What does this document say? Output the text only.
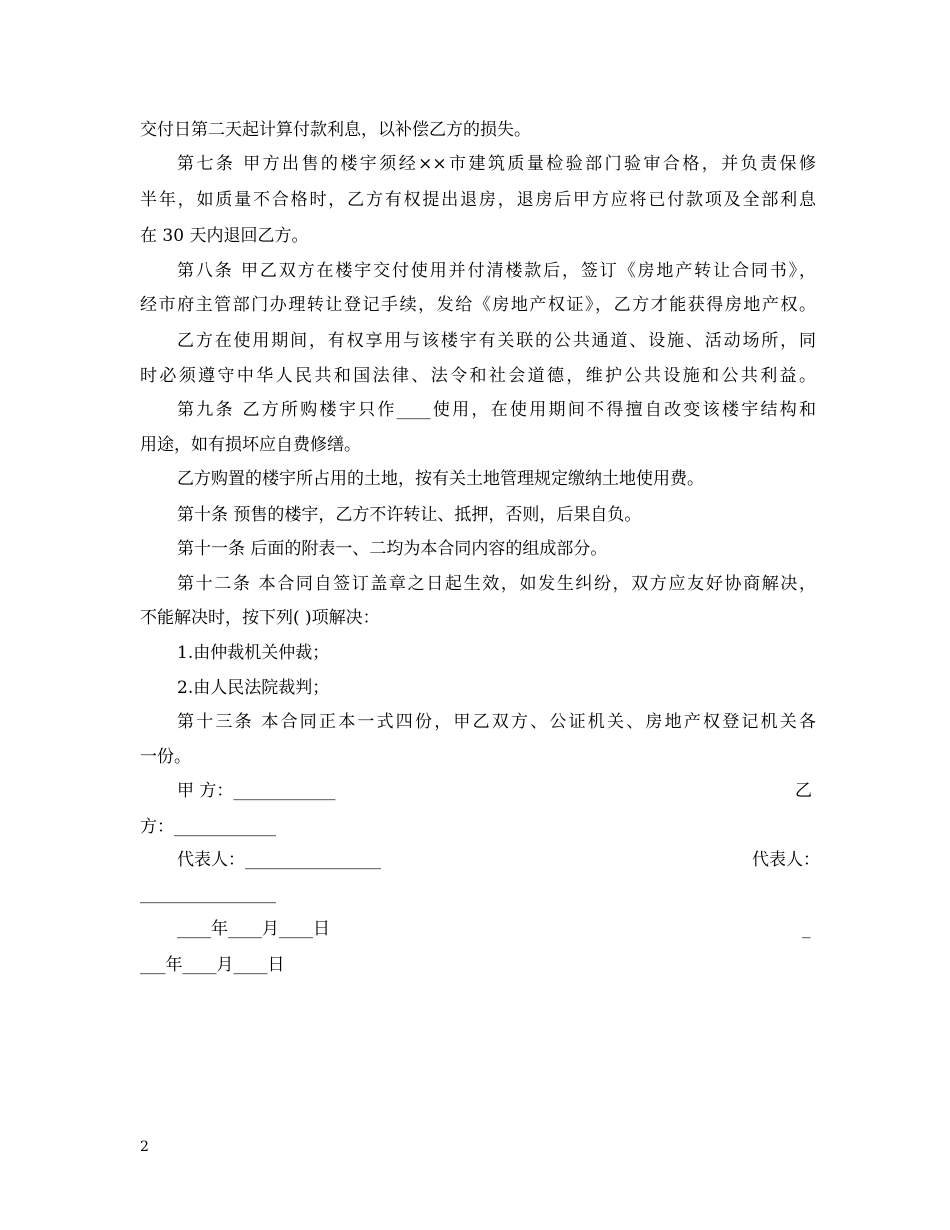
交付日第二天起计算付款利息，以补偿乙方的损失。
第七条 甲方出售的楼宇须经××市建筑质量检验部门验审合格，并负责保修
半年，如质量不合格时，乙方有权提出退房，退房后甲方应将已付款项及全部利息
在 30 天内退回乙方。
第八条 甲乙双方在楼宇交付使用并付清楼款后，签订《房地产转让合同书》，
经市府主管部门办理转让登记手续，发给《房地产权证》，乙方才能获得房地产权。
乙方在使用期间，有权享用与该楼宇有关联的公共通道、设施、活动场所，同
时必须遵守中华人民共和国法律、法令和社会道德，维护公共设施和公共利益。
第九条 乙方所购楼宇只作____使用，在使用期间不得擅自改变该楼宇结构和
用途，如有损坏应自费修缮。
乙方购置的楼宇所占用的土地，按有关土地管理规定缴纳土地使用费。
第十条 预售的楼宇，乙方不许转让、抵押，否则，后果自负。
第十一条 后面的附表一、二均为本合同内容的组成部分。
第十二条 本合同自签订盖章之日起生效，如发生纠纷，双方应友好协商解决，
不能解决时，按下列( )项解决：
1.由仲裁机关仲裁；
2.由人民法院裁判；
第十三条 本合同正本一式四份，甲乙双方、公证机关、房地产权登记机关各
一份。
甲 方：____________	乙
方：____________
代表人：________________	代表人：
________________
____年____月____日	_
___年____月____日
2
